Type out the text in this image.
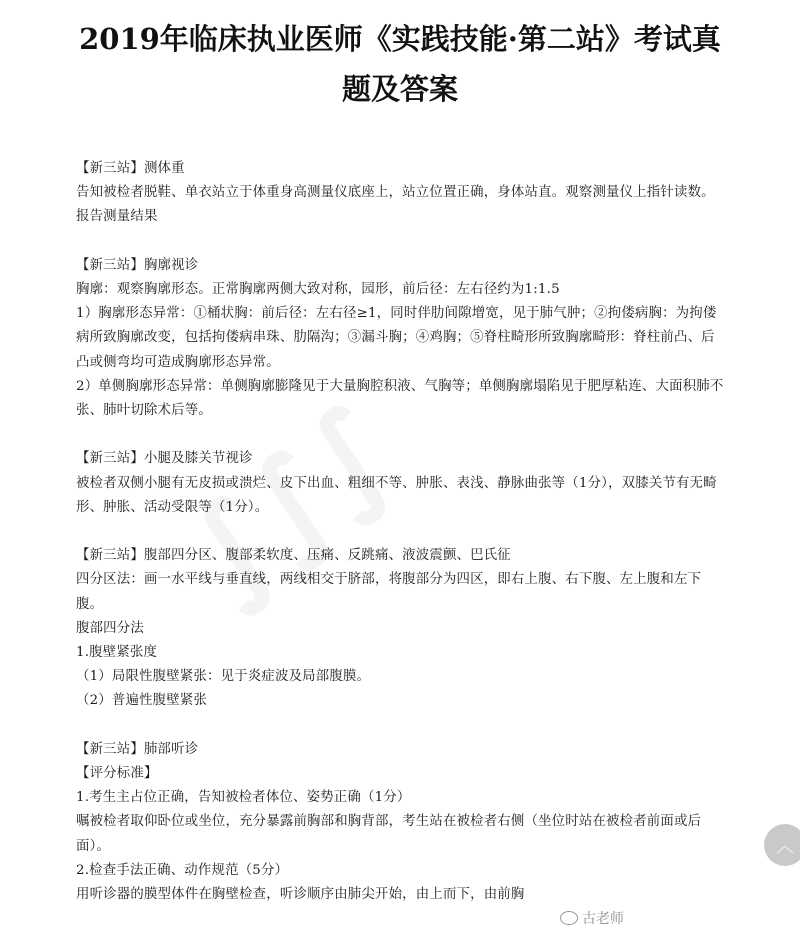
2019年临床执业医师《实践技能·第二站》考试真
题及答案

【新三站】测体重

告知被检者脱鞋、单衣站立于体重身高测量仪底座上，站立位置正确，身体站直。观察测量仪上指针读数。报告测量结果

【新三站】胸廓视诊

胸廓：观察胸廓形态。正常胸廓两侧大致对称，园形，前后径：左右径约为1:1.5

1）胸廓形态异常：①桶状胸：前后径：左右径≥1，同时伴肋间隙增宽，见于肺气肿；②拘偻病胸：为拘偻病所致胸廓改变，包括拘偻病串珠、肋隔沟；③漏斗胸；④鸡胸；⑤脊柱畸形所致胸廓畸形：脊柱前凸、后凸或侧弯均可造成胸廓形态异常。

2）单侧胸廓形态异常：单侧胸廓膨隆见于大量胸腔积液、气胸等；单侧胸廓塌陷见于肥厚粘连、大面积肺不张、肺叶切除术后等。

【新三站】小腿及膝关节视诊

被检者双侧小腿有无皮损或溃烂、皮下出血、粗细不等、肿胀、表浅、静脉曲张等（1分），双膝关节有无畸形、肿胀、活动受限等（1分）。

【新三站】腹部四分区、腹部柔软度、压痛、反跳痛、液波震颤、巴氏征

四分区法：画一水平线与垂直线，两线相交于脐部，将腹部分为四区，即右上腹、右下腹、左上腹和左下腹。

腹部四分法

1.腹壁紧张度

（1）局限性腹壁紧张：见于炎症波及局部腹膜。

（2）普遍性腹壁紧张

【新三站】肺部听诊

【评分标准】

1.考生主占位正确，告知被检者体位、姿势正确（1分）

嘱被检者取仰卧位或坐位，充分暴露前胸部和胸背部，考生站在被检者右侧（坐位时站在被检者前面或后面）。

2.检查手法正确、动作规范（5分）

用听诊器的膜型体件在胸壁检查，听诊顺序由肺尖开始，由上而下，由前胸

︿
古老师
